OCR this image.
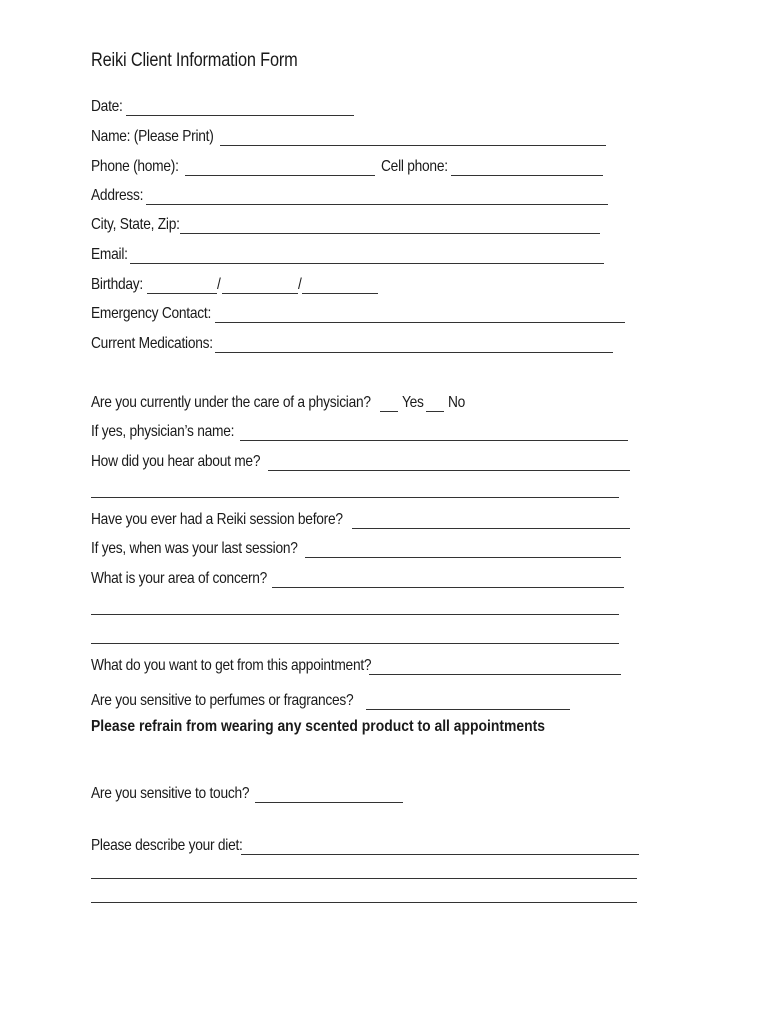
Reiki Client Information Form
Date:
Name: (Please Print)
Phone (home):	Cell phone:
Address:
City, State, Zip:
Email:
Birthday:	/	/
Emergency Contact:
Current Medications:
Are you currently under the care of a physician? Yes No
If yes, physician’s name:
How did you hear about me?
Have you ever had a Reiki session before?
If yes, when was your last session?
What is your area of concern?
What do you want to get from this appointment?
Are you sensitive to perfumes or fragrances?
Please refrain from wearing any scented product to all appointments
Are you sensitive to touch?
Please describe your diet:
